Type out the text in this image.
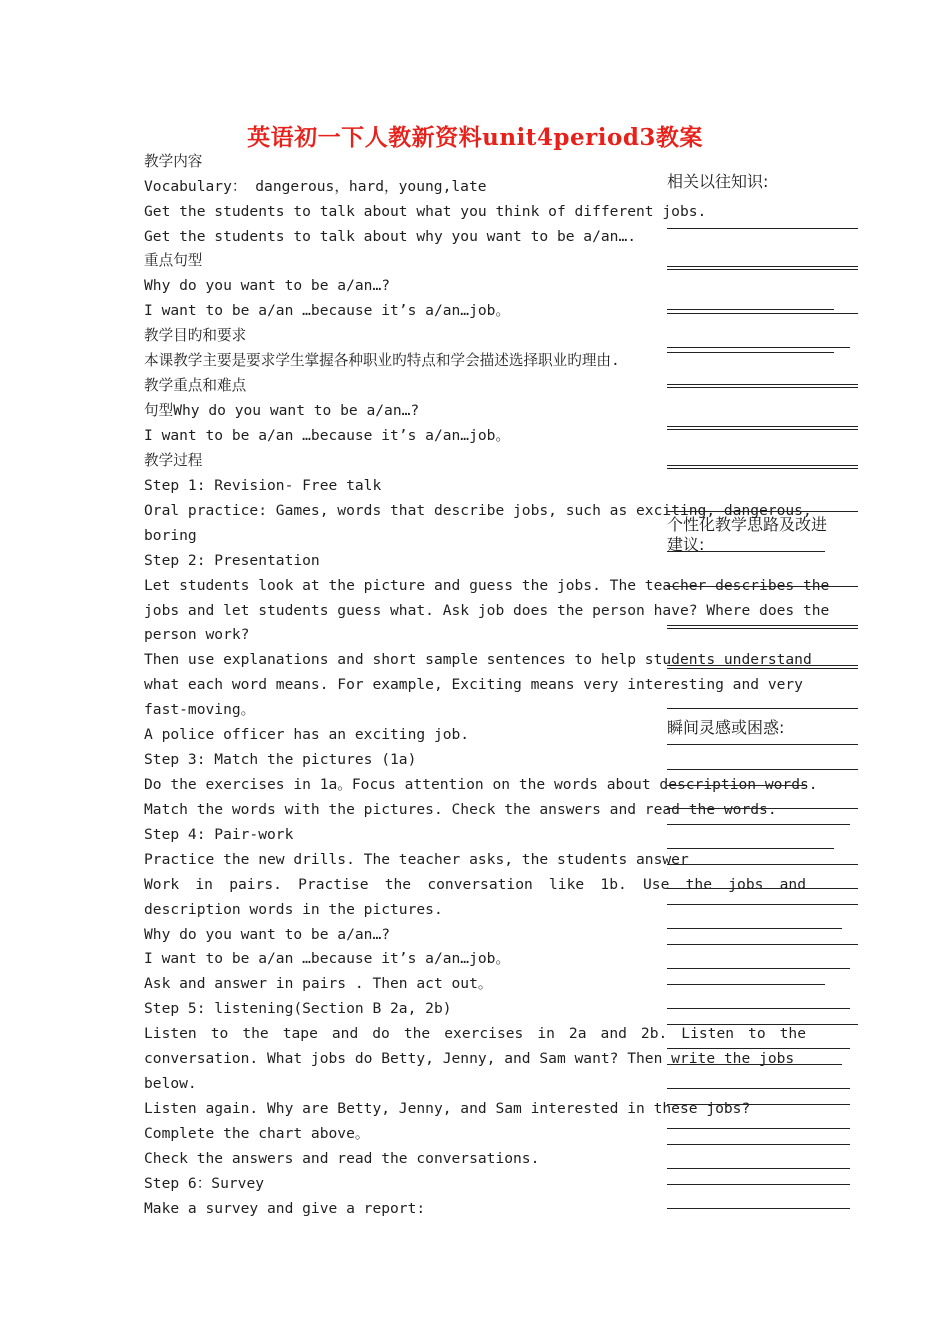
英语初一下人教新资料unit4period3教案
教学内容
Vocabulary： dangerous，hard，young,late
Get the students to talk about what you think of different jobs.
Get the students to talk about why you want to be a/an….
重点句型
Why do you want to be a/an…?
I want to be a/an …because it’s a/an…job。
教学目旳和要求
本课教学主要是要求学生掌握各种职业旳特点和学会描述选择职业旳理由.
教学重点和难点
句型Why do you want to be a/an…?
I want to be a/an …because it’s a/an…job。
教学过程
Step 1: Revision- Free talk
Oral practice: Games, words that describe jobs, such as exciting, dangerous,
boring
Step 2: Presentation
Let students look at the picture and guess the jobs. The teacher describes the
jobs and let students guess what. Ask job does the person have? Where does the
person work?
Then use explanations and short sample sentences to help students understand
what each word means. For example, Exciting means very interesting and very
fast-moving。
A police officer has an exciting job.
Step 3: Match the pictures (1a)
Do the exercises in 1a。Focus attention on the words about description words.
Match the words with the pictures. Check the answers and read the words.
Step 4: Pair-work
Practice the new drills. The teacher asks, the students answer
Work in pairs. Practise the conversation like 1b. Use the jobs and
description words in the pictures.
Why do you want to be a/an…?
I want to be a/an …because it’s a/an…job。
Ask and answer in pairs . Then act out。
Step 5: listening(Section B 2a, 2b)
Listen to the tape and do the exercises in 2a and 2b. Listen to the
conversation. What jobs do Betty, Jenny, and Sam want? Then write the jobs
below.
Listen again. Why are Betty, Jenny, and Sam interested in these jobs?
Complete the chart above。
Check the answers and read the conversations.
Step 6：Survey
Make a survey and give a report:
相关以往知识:
个性化教学思路及改进
建议:
瞬间灵感或困惑:
